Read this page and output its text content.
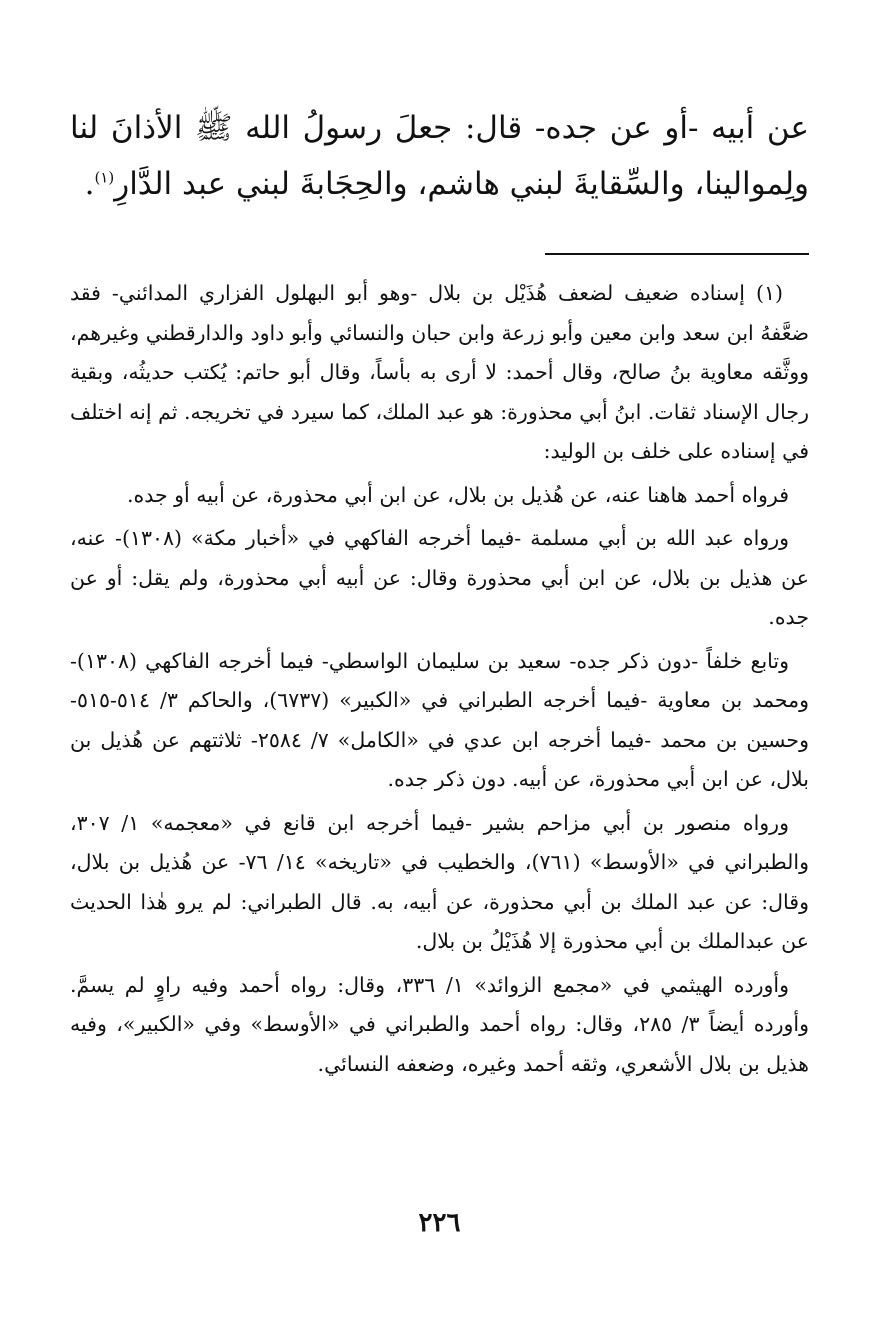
عن أبيه -أو عن جده- قال: جعلَ رسولُ الله ﷺ الأذانَ لنا ولِموالينا، والسِّقايةَ لبني هاشم، والحِجَابةَ لبني عبد الدَّارِ$^{(١)}$.

(١) إسناده ضعيف لضعف هُذَيْل بن بلال -وهو أبو البهلول الفزاري المدائني- فقد ضعَّفهُ ابن سعد وابن معين وأبو زرعة وابن حبان والنسائي وأبو داود والدارقطني وغيرهم، ووثَّقه معاوية بنُ صالح، وقال أحمد: لا أرى به بأساً، وقال أبو حاتم: يُكتب حديثُه، وبقية رجال الإسناد ثقات. ابنُ أبي محذورة: هو عبد الملك، كما سيرد في تخريجه. ثم إنه اختلف في إسناده على خلف بن الوليد:

فرواه أحمد هاهنا عنه، عن هُذيل بن بلال، عن ابن أبي محذورة، عن أبيه أو جده.

ورواه عبد الله بن أبي مسلمة -فيما أخرجه الفاكهي في «أخبار مكة» (١٣٠٨)- عنه، عن هذيل بن بلال، عن ابن أبي محذورة وقال: عن أبيه أبي محذورة، ولم يقل: أو عن جده.

وتابع خلفاً -دون ذكر جده- سعيد بن سليمان الواسطي- فيما أخرجه الفاكهي (١٣٠٨)- ومحمد بن معاوية -فيما أخرجه الطبراني في «الكبير» (٦٧٣٧)، والحاكم ٣/ ٥١٤-٥١٥- وحسين بن محمد -فيما أخرجه ابن عدي في «الكامل» ٧/ ٢٥٨٤- ثلاثتهم عن هُذيل بن بلال، عن ابن أبي محذورة، عن أبيه. دون ذكر جده.

ورواه منصور بن أبي مزاحم بشير -فيما أخرجه ابن قانع في «معجمه» ١/ ٣٠٧، والطبراني في «الأوسط» (٧٦١)، والخطيب في «تاريخه» ١٤/ ٧٦- عن هُذيل بن بلال، وقال: عن عبد الملك بن أبي محذورة، عن أبيه، به. قال الطبراني: لم يرو هٰذا الحديث عن عبدالملك بن أبي محذورة إلا هُذَيْلُ بن بلال.

وأورده الهيثمي في «مجمع الزوائد» ١/ ٣٣٦، وقال: رواه أحمد وفيه راوٍ لم يسمَّ. وأورده أيضاً ٣/ ٢٨٥، وقال: رواه أحمد والطبراني في «الأوسط» وفي «الكبير»، وفيه هذيل بن بلال الأشعري، وثقه أحمد وغيره، وضعفه النسائي.

٢٢٦
